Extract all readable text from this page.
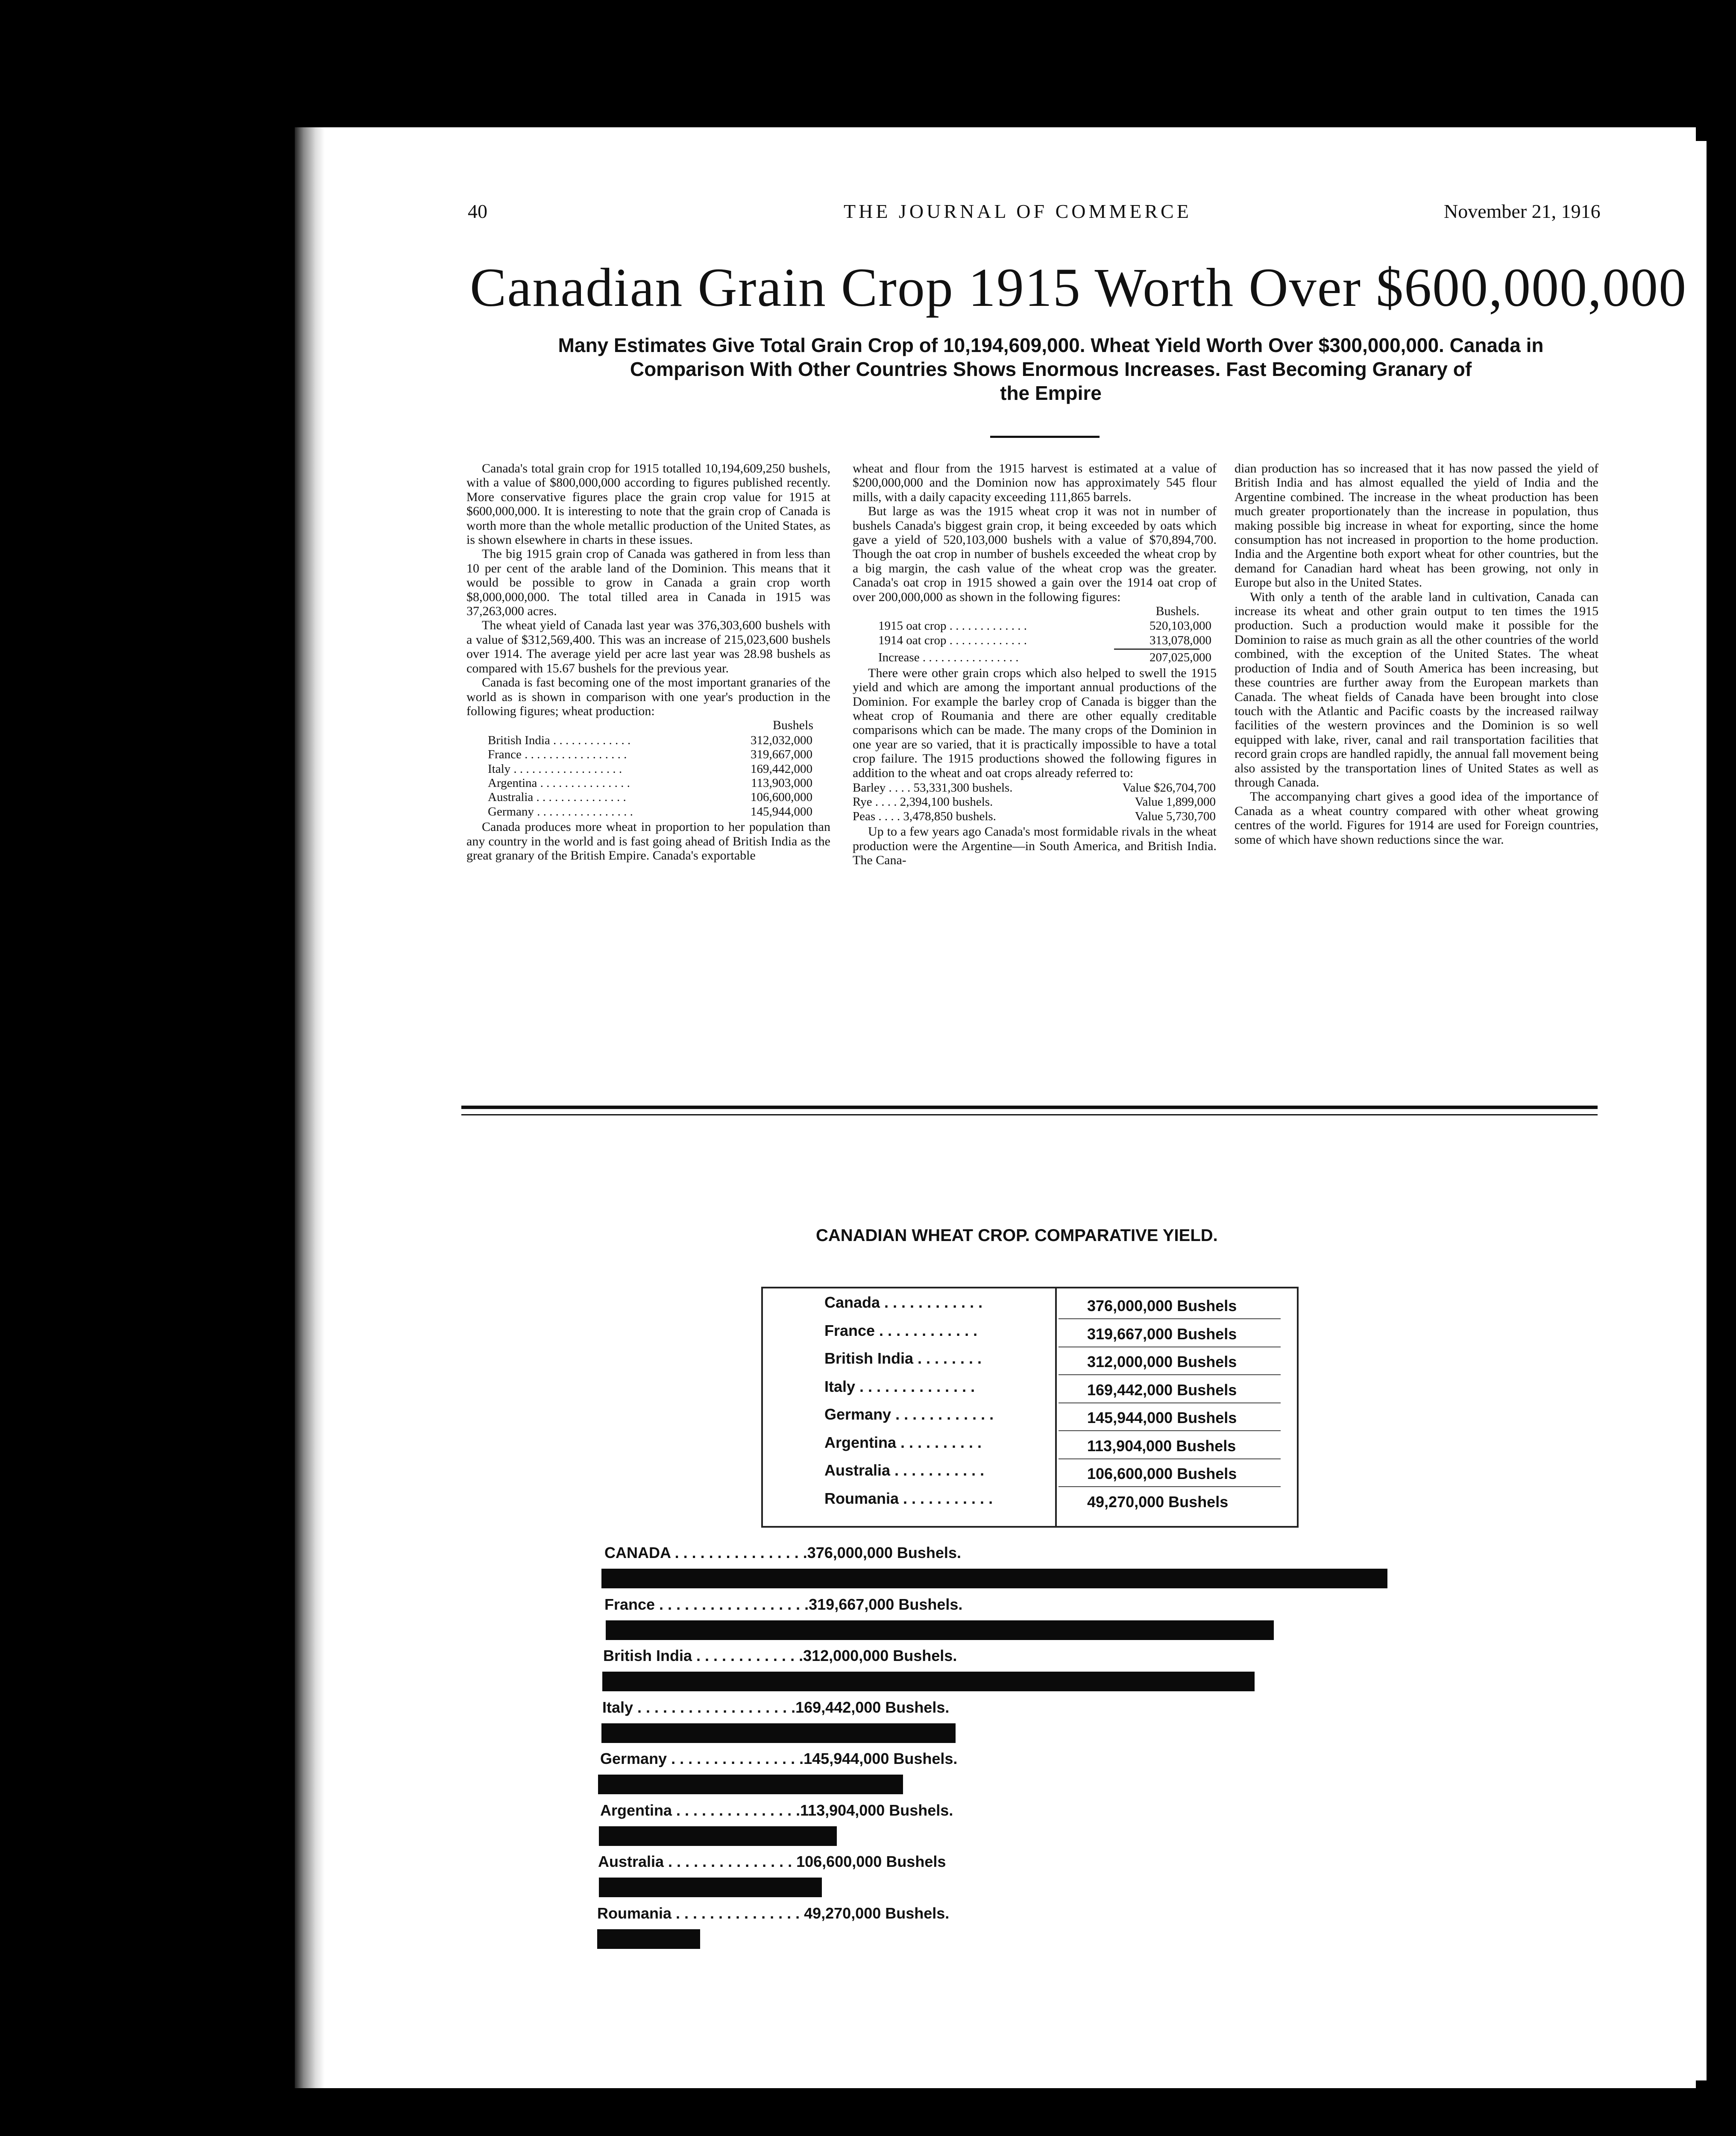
40	THE JOURNAL OF COMMERCE	November 21, 1916
Canadian Grain Crop 1915 Worth Over $600,000,000
Many Estimates Give Total Grain Crop of 10,194,609,000. Wheat Yield Worth Over $300,000,000. Canada in
Comparison With Other Countries Shows Enormous Increases. Fast Becoming Granary of
the Empire

Canada's total grain crop for 1915 totalled 10,194,609,250 bushels, with a value of $800,000,000 according to figures published recently. More conservative figures place the grain crop value for 1915 at $600,000,000. It is interesting to note that the grain crop of Canada is worth more than the whole metallic production of the United States, as is shown elsewhere in charts in these issues.

The big 1915 grain crop of Canada was gathered in from less than 10 per cent of the arable land of the Dominion. This means that it would be possible to grow in Canada a grain crop worth $8,000,000,000. The total tilled area in Canada in 1915 was 37,263,000 acres.

The wheat yield of Canada last year was 376,303,600 bushels with a value of $312,569,400. This was an increase of 215,023,600 bushels over 1914. The average yield per acre last year was 28.98 bushels as compared with 15.67 bushels for the previous year.

Canada is fast becoming one of the most important granaries of the world as is shown in comparison with one year's production in the following figures; wheat production:

Bushels
British India . . . . . . . . . . . . .	312,032,000
France . . . . . . . . . . . . . . . . .	319,667,000
Italy . . . . . . . . . . . . . . . . . .	169,442,000
Argentina . . . . . . . . . . . . . . .	113,903,000
Australia . . . . . . . . . . . . . . .	106,600,000
Germany . . . . . . . . . . . . . . . .	145,944,000

Canada produces more wheat in proportion to her population than any country in the world and is fast going ahead of British India as the great granary of the British Empire. Canada's exportable

wheat and flour from the 1915 harvest is estimated at a value of $200,000,000 and the Dominion now has approximately 545 flour mills, with a daily capacity exceeding 111,865 barrels.

But large as was the 1915 wheat crop it was not in number of bushels Canada's biggest grain crop, it being exceeded by oats which gave a yield of 520,103,000 bushels with a value of $70,894,700. Though the oat crop in number of bushels exceeded the wheat crop by a big margin, the cash value of the wheat crop was the greater. Canada's oat crop in 1915 showed a gain over the 1914 oat crop of over 200,000,000 as shown in the following figures:

Bushels.
1915 oat crop . . . . . . . . . . . . .	520,103,000
1914 oat crop . . . . . . . . . . . . .	313,078,000
Increase . . . . . . . . . . . . . . . .	207,025,000

There were other grain crops which also helped to swell the 1915 yield and which are among the important annual productions of the Dominion. For example the barley crop of Canada is bigger than the wheat crop of Roumania and there are other equally creditable comparisons which can be made. The many crops of the Dominion in one year are so varied, that it is practically impossible to have a total crop failure. The 1915 productions showed the following figures in addition to the wheat and oat crops already referred to:

Barley . . . . 53,331,300 bushels.	Value $26,704,700
Rye . . . . 2,394,100 bushels.	Value 1,899,000
Peas . . . . 3,478,850 bushels.	Value 5,730,700

Up to a few years ago Canada's most formidable rivals in the wheat production were the Argentine—in South America, and British India. The Cana-

dian production has so increased that it has now passed the yield of British India and has almost equalled the yield of India and the Argentine combined. The increase in the wheat production has been much greater proportionately than the increase in population, thus making possible big increase in wheat for exporting, since the home consumption has not increased in proportion to the home production. India and the Argentine both export wheat for other countries, but the demand for Canadian hard wheat has been growing, not only in Europe but also in the United States.

With only a tenth of the arable land in cultivation, Canada can increase its wheat and other grain output to ten times the 1915 production. Such a production would make it possible for the Dominion to raise as much grain as all the other countries of the world combined, with the exception of the United States. The wheat production of India and of South America has been increasing, but these countries are further away from the European markets than Canada. The wheat fields of Canada have been brought into close touch with the Atlantic and Pacific coasts by the increased railway facilities of the western provinces and the Dominion is so well equipped with lake, river, canal and rail transportation facilities that record grain crops are handled rapidly, the annual fall movement being also assisted by the transportation lines of United States as well as through Canada.

The accompanying chart gives a good idea of the importance of Canada as a wheat country compared with other wheat growing centres of the world. Figures for 1914 are used for Foreign countries, some of which have shown reductions since the war.

CANADIAN WHEAT CROP. COMPARATIVE YIELD.
Canada . . . . . . . . . . . .	376,000,000 Bushels
France . . . . . . . . . . . .	319,667,000 Bushels
British India . . . . . . . .	312,000,000 Bushels
Italy . . . . . . . . . . . . . .	169,442,000 Bushels
Germany . . . . . . . . . . . .	145,944,000 Bushels
Argentina . . . . . . . . . .	113,904,000 Bushels
Australia . . . . . . . . . . .	106,600,000 Bushels
Roumania . . . . . . . . . . .	49,270,000 Bushels
CANADA . . . . . . . . . . . . . . . .376,000,000 Bushels.
France . . . . . . . . . . . . . . . . . .319,667,000 Bushels.
British India . . . . . . . . . . . . .312,000,000 Bushels.
Italy . . . . . . . . . . . . . . . . . . .169,442,000 Bushels.
Germany . . . . . . . . . . . . . . . .145,944,000 Bushels.
Argentina . . . . . . . . . . . . . . .113,904,000 Bushels.
Australia . . . . . . . . . . . . . . . 106,600,000 Bushels
Roumania . . . . . . . . . . . . . . . 49,270,000 Bushels.
